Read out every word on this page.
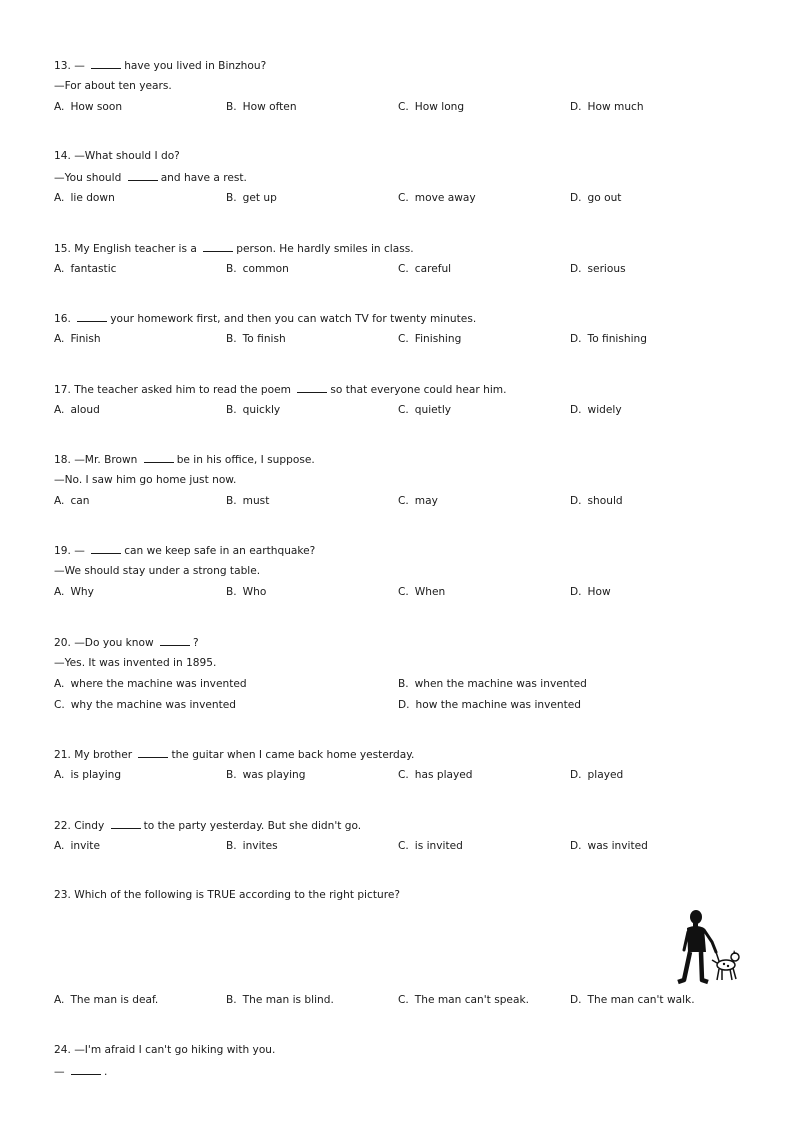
13. —	have you lived in Binzhou?
—For about ten years.
A. How soon	B. How often	C. How long	D. How much
14. —What should I do?
—You should	and have a rest.
A. lie down	B. get up	C. move away	D. go out
15. My English teacher is a	person. He hardly smiles in class.
A. fantastic	B. common	C. careful	D. serious
16.	your homework first, and then you can watch TV for twenty minutes.
A. Finish	B. To finish	C. Finishing	D. To finishing
17. The teacher asked him to read the poem	so that everyone could hear him.
A. aloud	B. quickly	C. quietly	D. widely
18. —Mr. Brown	be in his office, I suppose.
—No. I saw him go home just now.
A. can	B. must	C. may	D. should
19. —	can we keep safe in an earthquake?
—We should stay under a strong table.
A. Why	B. Who	C. When	D. How
20. —Do you know	?
—Yes. It was invented in 1895.
A. where the machine was invented	B. when the machine was invented
C. why the machine was invented	D. how the machine was invented
21. My brother	the guitar when I came back home yesterday.
A. is playing	B. was playing	C. has played	D. played
22. Cindy	to the party yesterday. But she didn't go.
A. invite	B. invites	C. is invited	D. was invited
23. Which of the following is TRUE according to the right picture?
A. The man is deaf.	B. The man is blind.	C. The man can't speak.	D. The man can't walk.
24. —I'm afraid I can't go hiking with you.
—	.
